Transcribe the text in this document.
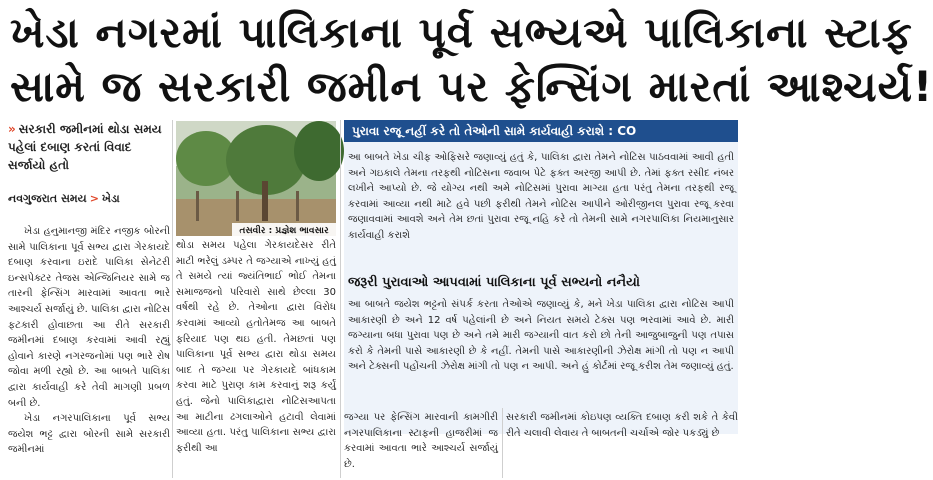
ખેડા નગરમાં પાલિકાના પૂર્વ સભ્યએ પાલિકાના સ્ટાફ
સામે જ સરકારી જમીન પર ફેન્સિંગ મારતાં આશ્ચર્ય!
» સરકારી જમીનમાં થોડા સમય પહેલાં દબાણ કરતાં વિવાદ સર્જાયો હતો
નવગુજરાત સમય > ખેડા
તસવીર : પ્રજ્ઞેશ ભાવસાર

ખેડા હનુમાનજી મંદિર નજીક બોરની સામે પાલિકાના પૂર્વ સભ્ય દ્વારા ગેરકાયદે દબાણ કરવાના ઇરાદે પાલિકા સેનેટરી ઇન્સપેક્ટર તેજસ એન્જિનિયર સામે જ તારની ફેન્સિંગ મારવામાં આવતા ભારે આશ્ચર્ય સર્જાયું છે. પાલિકા દ્વારા નોટિસ ફટકારી હોવાછતા આ રીતે સરકારી જમીનમાં દબાણ કરવામાં આવી રહ્યું હોવાને કારણે નગરજનોમાં પણ ભારે રોષ જોવા મળી રહ્યો છે. આ બાબતે પાલિકા દ્વારા કાર્યવાહી કરે તેવી માગણી પ્રબળ બની છે.

ખેડા નગરપાલિકાના પૂર્વ સભ્ય જયેશ ભટ્ટ દ્વારા બોરની સામે સરકારી જમીનમાં

થોડા સમય પહેલા ગેરકાયદેસર રીતે માટી ભરેલું ડમ્પર તે જગ્યાએ નાખ્યું હતું તે સમયે ત્યાં જ્યંતિભાઈ ભોઈ તેમના સમાજજનો પરિવારો સાથે છેલ્લા 30 વર્ષથી રહે છે. તેઓના દ્વારા વિરોધ કરવામાં આવ્યો હતોતેમજ આ બાબતે ફરિયાદ પણ થઇ હતી. તેમછતાં પણ પાલિકાના પૂર્વ સભ્ય દ્વારા થોડા સમય બાદ તે જગ્યા પર ગેરકાયદે બાંધકામ કરવા માટે પુરાણ કામ કરવાનું શરૂ કર્યું હતું. જેનો પાલિકાદ્વારા નોટિસઆપતા આ માટીના ઢગલાઓને હટાવી લેવામાં આવ્યા હતા. પરંતુ પાલિકાના સભ્ય દ્વારા ફરીથી આ

પુરાવા રજૂ નહીં કરે તો તેઓની સામે કાર્યવાહી કરાશે : CO
આ બાબતે ખેડા ચીફ ઓફિસરે જણાવ્યું હતું કે, પાલિકા દ્વારા તેમને નોટિસ પાઠવવામાં આવી હતી અને ગઇકાલે તેમના તરફથી નોટિસના જવાબ પેટે ફક્ત અરજી આપી છે. તેમાં ફક્ત રસીદ નંબર લખીને આપ્યો છે. જે યોગ્ય નથી અમે નોટિસમાં પુરાવા માગ્યા હતા પરંતુ તેમના તરફથી રજૂ કરવામાં આવ્યા નથી માટે હવે પછી ફરીથી તેમને નોટિસ આપીને ઓરીજીનલ પુરાવા રજૂ કરવા જણાવવામાં આવશે અને તેમ છતાં પુરાવા રજૂ નહિ કરે તો તેમની સામે નગરપાલિકા નિયમાનુસાર કાર્યવાહી કરાશે
જરૂરી પુરાવાઓ આપવામાં પાલિકાના પૂર્વ સભ્યનો નનૈયો
આ બાબતે જયેશ ભટ્ટનો સંપર્ક કરતા તેઓએ જણાવ્યું કે, મને ખેડા પાલિકા દ્વારા નોટિસ આપી આકારણી છે અને 12 વર્ષ પહેલાંની છે અને નિયત સમયે ટેક્સ પણ ભરવામાં આવે છે. મારી જગ્યાના બધા પુરાવા પણ છે અને તમે મારી જગ્યાની વાત કરો છો તેની આજુબાજુની પણ તપાસ કરો કે તેમની પાસે આકારણી છે કે નહીં. તેમની પાસે આકારણીની ઝેરોક્ષ માંગી તો પણ ન આપી અને ટેક્સની પહોંચની ઝેરોક્ષ માંગી તો પણ ન આપી. અને હું કોર્ટમાં રજૂ કરીશ તેમ જણાવ્યું હતું.
જગ્યા પર ફેન્સિંગ મારવાની કામગીરી નગરપાલિકાના સ્ટાફની હાજરીમાં જ કરવામાં આવતા ભારે આશ્ચર્ય સર્જાયું છે.
સરકારી જમીનમાં કોઇપણ વ્યક્તિ દબાણ કરી શકે તે કેવી રીતે ચલાવી લેવાય તે બાબતની ચર્ચાએ જોર પકડ્યું છે
